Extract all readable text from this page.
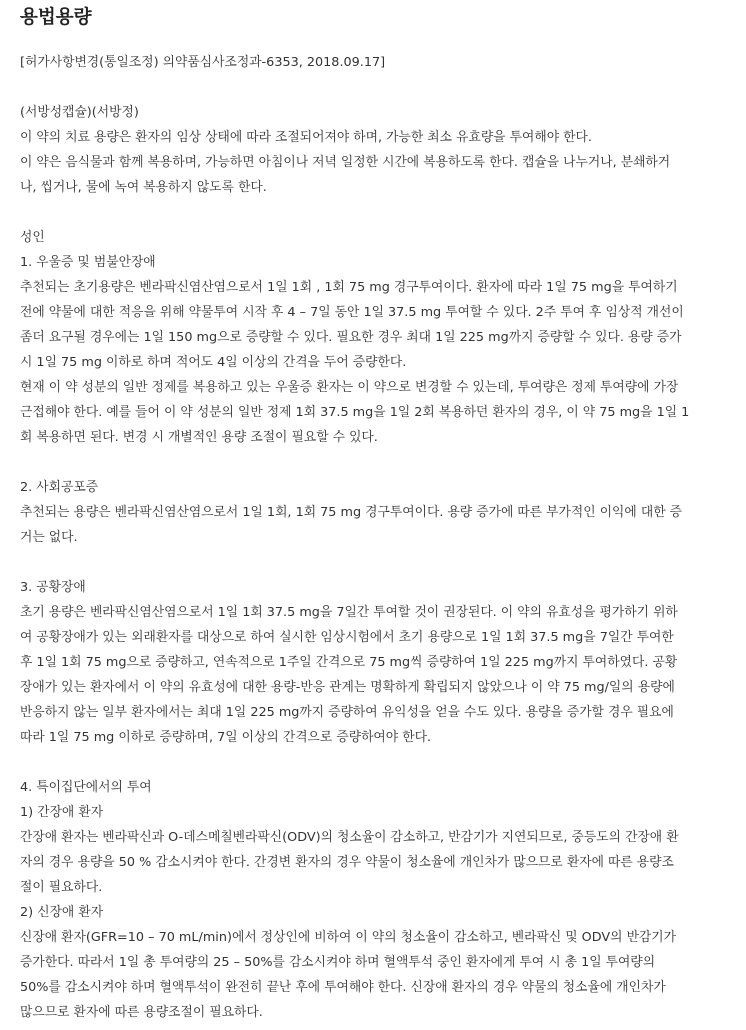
용법용량
[허가사항변경(통일조정) 의약품심사조정과-6353, 2018.09.17]
(서방성캡슐)(서방정)
이 약의 치료 용량은 환자의 임상 상태에 따라 조절되어져야 하며, 가능한 최소 유효량을 투여해야 한다.
이 약은 음식물과 함께 복용하며, 가능하면 아침이나 저녁 일정한 시간에 복용하도록 한다. 캡슐을 나누거나, 분쇄하거
나, 씹거나, 물에 녹여 복용하지 않도록 한다.
성인
1. 우울증 및 범불안장애
추천되는 초기용량은 벤라팍신염산염으로서 1일 1회 , 1회 75 mg 경구투여이다. 환자에 따라 1일 75 mg을 투여하기
전에 약물에 대한 적응을 위해 약물투여 시작 후 4 – 7일 동안 1일 37.5 mg 투여할 수 있다. 2주 투여 후 임상적 개선이
좀더 요구될 경우에는 1일 150 mg으로 증량할 수 있다. 필요한 경우 최대 1일 225 mg까지 증량할 수 있다. 용량 증가
시 1일 75 mg 이하로 하며 적어도 4일 이상의 간격을 두어 증량한다.
현재 이 약 성분의 일반 정제를 복용하고 있는 우울증 환자는 이 약으로 변경할 수 있는데, 투여량은 정제 투여량에 가장
근접해야 한다. 예를 들어 이 약 성분의 일반 정제 1회 37.5 mg을 1일 2회 복용하던 환자의 경우, 이 약 75 mg을 1일 1
회 복용하면 된다. 변경 시 개별적인 용량 조절이 필요할 수 있다.
2. 사회공포증
추천되는 용량은 벤라팍신염산염으로서 1일 1회, 1회 75 mg 경구투여이다. 용량 증가에 따른 부가적인 이익에 대한 증
거는 없다.
3. 공황장애
초기 용량은 벤라팍신염산염으로서 1일 1회 37.5 mg을 7일간 투여할 것이 권장된다. 이 약의 유효성을 평가하기 위하
여 공황장애가 있는 외래환자를 대상으로 하여 실시한 임상시험에서 초기 용량으로 1일 1회 37.5 mg을 7일간 투여한
후 1일 1회 75 mg으로 증량하고, 연속적으로 1주일 간격으로 75 mg씩 증량하여 1일 225 mg까지 투여하였다. 공황
장애가 있는 환자에서 이 약의 유효성에 대한 용량-반응 관계는 명확하게 확립되지 않았으나 이 약 75 mg/일의 용량에
반응하지 않는 일부 환자에서는 최대 1일 225 mg까지 증량하여 유익성을 얻을 수도 있다. 용량을 증가할 경우 필요에
따라 1일 75 mg 이하로 증량하며, 7일 이상의 간격으로 증량하여야 한다.
4. 특이집단에서의 투여
1) 간장애 환자
간장애 환자는 벤라팍신과 O-데스메칠벤라팍신(ODV)의 청소율이 감소하고, 반감기가 지연되므로, 중등도의 간장애 환
자의 경우 용량을 50 % 감소시켜야 한다. 간경변 환자의 경우 약물이 청소율에 개인차가 많으므로 환자에 따른 용량조
절이 필요하다.
2) 신장애 환자
신장애 환자(GFR=10 – 70 mL/min)에서 정상인에 비하여 이 약의 청소율이 감소하고, 벤라팍신 및 ODV의 반감기가
증가한다. 따라서 1일 총 투여량의 25 – 50%를 감소시켜야 하며 혈액투석 중인 환자에게 투여 시 총 1일 투여량의
50%를 감소시켜야 하며 혈액투석이 완전히 끝난 후에 투여해야 한다. 신장애 환자의 경우 약물의 청소율에 개인차가
많으므로 환자에 따른 용량조절이 필요하다.
